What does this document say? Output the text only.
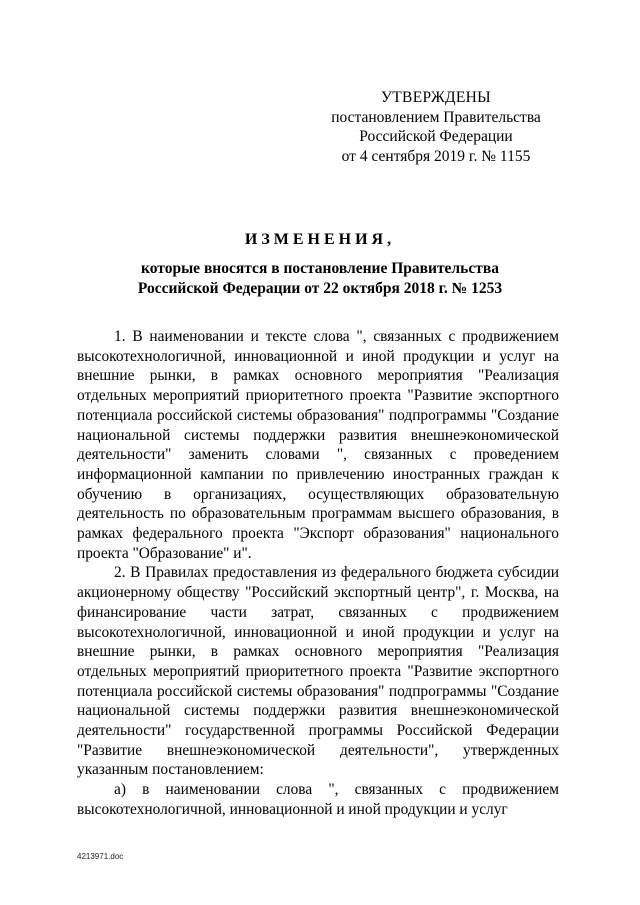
УТВЕРЖДЕНЫ
постановлением Правительства
Российской Федерации
от 4 сентября 2019 г. № 1155
ИЗМЕНЕНИЯ,
которые вносятся в постановление Правительства
Российской Федерации от 22 октября 2018 г. № 1253

1. В наименовании и тексте слова ", связанных с продвижением высокотехнологичной, инновационной и иной продукции и услуг на внешние рынки, в рамках основного мероприятия "Реализация отдельных мероприятий приоритетного проекта "Развитие экспортного потенциала российской системы образования" подпрограммы "Создание национальной системы поддержки развития внешнеэкономической деятельности" заменить словами ", связанных с проведением информационной кампании по привлечению иностранных граждан к обучению в организациях, осуществляющих образовательную деятельность по образовательным программам высшего образования, в рамках федерального проекта "Экспорт образования" национального проекта "Образование" и".

2. В Правилах предоставления из федерального бюджета субсидии акционерному обществу "Российский экспортный центр", г. Москва, на финансирование части затрат, связанных с продвижением высокотехнологичной, инновационной и иной продукции и услуг на внешние рынки, в рамках основного мероприятия "Реализация отдельных мероприятий приоритетного проекта "Развитие экспортного потенциала российской системы образования" подпрограммы "Создание национальной системы поддержки развития внешнеэкономической деятельности" государственной программы Российской Федерации "Развитие внешнеэкономической деятельности", утвержденных указанным постановлением:

а) в наименовании слова ", связанных с продвижением высокотехнологичной, инновационной и иной продукции и услуг

4213971.doc
